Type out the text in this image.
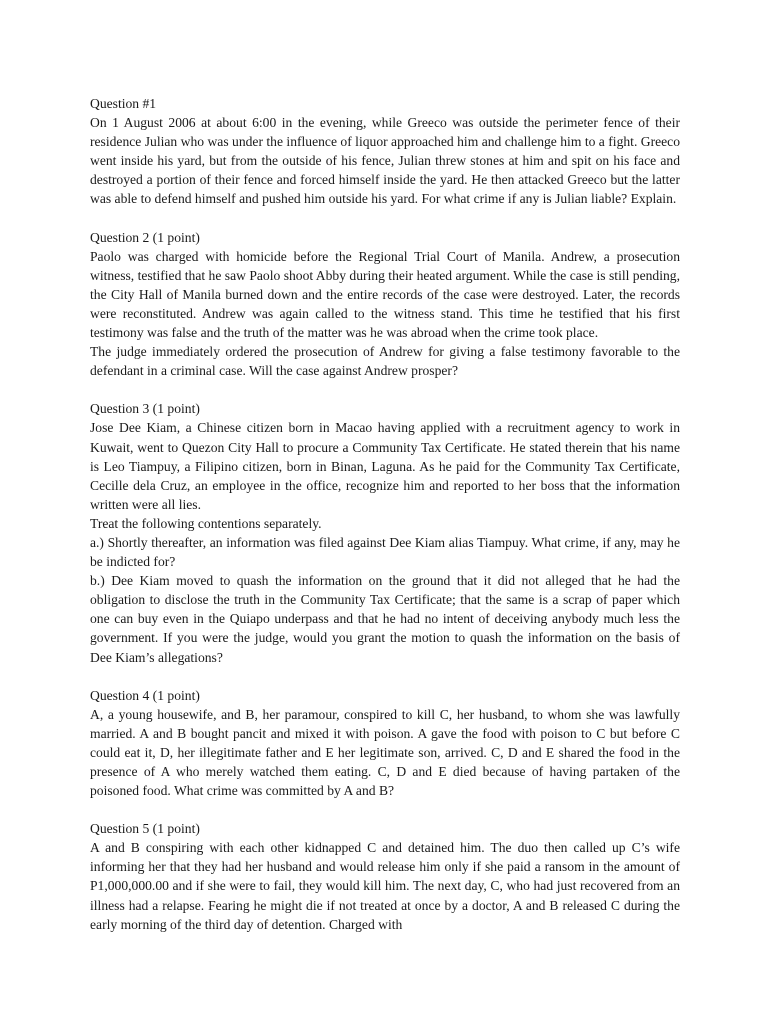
Question #1

On 1 August 2006 at about 6:00 in the evening, while Greeco was outside the perimeter fence of their residence Julian who was under the influence of liquor approached him and challenge him to a fight. Greeco went inside his yard, but from the outside of his fence, Julian threw stones at him and spit on his face and destroyed a portion of their fence and forced himself inside the yard. He then attacked Greeco but the latter was able to defend himself and pushed him outside his yard. For what crime if any is Julian liable? Explain.

Question 2 (1 point)

Paolo was charged with homicide before the Regional Trial Court of Manila. Andrew, a prosecution witness, testified that he saw Paolo shoot Abby during their heated argument. While the case is still pending, the City Hall of Manila burned down and the entire records of the case were destroyed. Later, the records were reconstituted. Andrew was again called to the witness stand. This time he testified that his first testimony was false and the truth of the matter was he was abroad when the crime took place.

The judge immediately ordered the prosecution of Andrew for giving a false testimony favorable to the defendant in a criminal case. Will the case against Andrew prosper?

Question 3 (1 point)

Jose Dee Kiam, a Chinese citizen born in Macao having applied with a recruitment agency to work in Kuwait, went to Quezon City Hall to procure a Community Tax Certificate. He stated therein that his name is Leo Tiampuy, a Filipino citizen, born in Binan, Laguna. As he paid for the Community Tax Certificate, Cecille dela Cruz, an employee in the office, recognize him and reported to her boss that the information written were all lies.

Treat the following contentions separately.

a.) Shortly thereafter, an information was filed against Dee Kiam alias Tiampuy. What crime, if any, may he be indicted for?

b.) Dee Kiam moved to quash the information on the ground that it did not alleged that he had the obligation to disclose the truth in the Community Tax Certificate; that the same is a scrap of paper which one can buy even in the Quiapo underpass and that he had no intent of deceiving anybody much less the government. If you were the judge, would you grant the motion to quash the information on the basis of Dee Kiam’s allegations?

Question 4 (1 point)

A, a young housewife, and B, her paramour, conspired to kill C, her husband, to whom she was lawfully married. A and B bought pancit and mixed it with poison. A gave the food with poison to C but before C could eat it, D, her illegitimate father and E her legitimate son, arrived. C, D and E shared the food in the presence of A who merely watched them eating. C, D and E died because of having partaken of the poisoned food. What crime was committed by A and B?

Question 5 (1 point)

A and B conspiring with each other kidnapped C and detained him. The duo then called up C’s wife informing her that they had her husband and would release him only if she paid a ransom in the amount of P1,000,000.00 and if she were to fail, they would kill him. The next day, C, who had just recovered from an illness had a relapse. Fearing he might die if not treated at once by a doctor, A and B released C during the early morning of the third day of detention. Charged with
